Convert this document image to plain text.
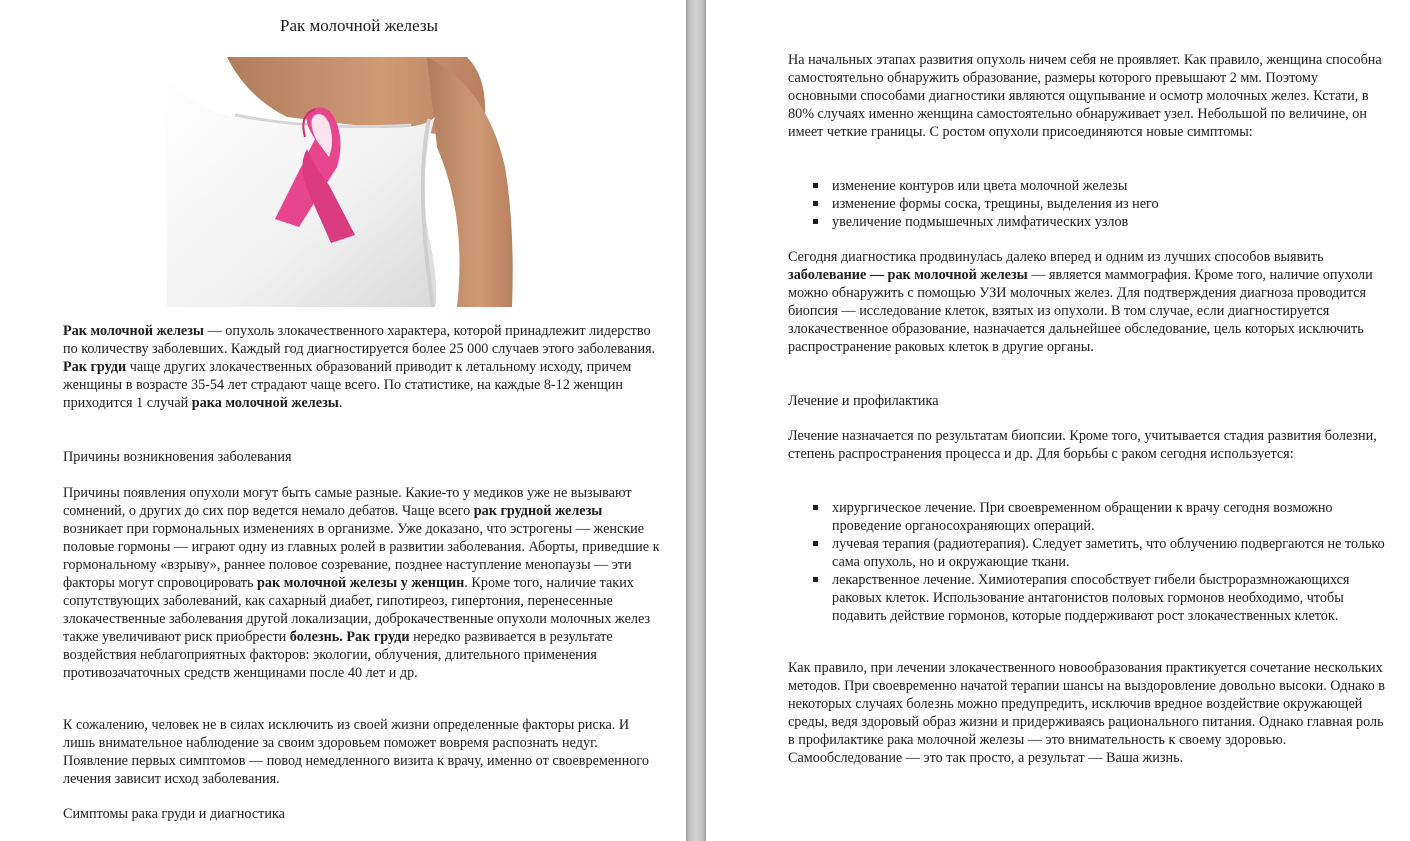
Рак молочной железы

Рак молочной железы — опухоль злокачественного характера, которой принадлежит лидерство по количеству заболевших. Каждый год диагностируется более 25 000 случаев этого заболевания. Рак груди чаще других злокачественных образований приводит к летальному исходу, причем женщины в возрасте 35-54 лет страдают чаще всего. По статистике, на каждые 8-12 женщин приходится 1 случай рака молочной железы.

Причины возникновения заболевания

Причины появления опухоли могут быть самые разные. Какие-то у медиков уже не вызывают сомнений, о других до сих пор ведется немало дебатов. Чаще всего рак грудной железы возникает при гормональных изменениях в организме. Уже доказано, что эстрогены — женские половые гормоны — играют одну из главных ролей в развитии заболевания. Аборты, приведшие к гормональному «взрыву», раннее половое созревание, позднее наступление менопаузы — эти факторы могут спровоцировать рак молочной железы у женщин. Кроме того, наличие таких сопутствующих заболеваний, как сахарный диабет, гипотиреоз, гипертония, перенесенные злокачественные заболевания другой локализации, доброкачественные опухоли молочных желез также увеличивают риск приобрести болезнь. Рак груди нередко развивается в результате воздействия неблагоприятных факторов: экологии, облучения, длительного применения противозачаточных средств женщинами после 40 лет и др.

К сожалению, человек не в силах исключить из своей жизни определенные факторы риска. И лишь внимательное наблюдение за своим здоровьем поможет вовремя распознать недуг. Появление первых симптомов — повод немедленного визита к врачу, именно от своевременного лечения зависит исход заболевания.
Симптомы рака груди и диагностика
На начальных этапах развития опухоль ничем себя не проявляет. Как правило, женщина способна самостоятельно обнаружить образование, размеры которого превышают 2 мм. Поэтому основными способами диагностики являются ощупывание и осмотр молочных желез. Кстати, в 80% случаях именно женщина самостоятельно обнаруживает узел. Небольшой по величине, он имеет четкие границы. С ростом опухоли присоединяются новые симптомы:
изменение контуров или цвета молочной железы
изменение формы соска, трещины, выделения из него
увеличение подмышечных лимфатических узлов

Сегодня диагностика продвинулась далеко вперед и одним из лучших способов выявить заболевание — рак молочной железы — является маммография. Кроме того, наличие опухоли можно обнаружить с помощью УЗИ молочных желез. Для подтверждения диагноза проводится биопсия — исследование клеток, взятых из опухоли. В том случае, если диагностируется злокачественное образование, назначается дальнейшее обследование, цель которых исключить распространение раковых клеток в другие органы.

Лечение и профилактика
Лечение назначается по результатам биопсии. Кроме того, учитывается стадия развития болезни, степень распространения процесса и др. Для борьбы с раком сегодня используется:
хирургическое лечение. При своевременном обращении к врачу сегодня возможно проведение органосохраняющих операций.
лучевая терапия (радиотерапия). Следует заметить, что облучению подвергаются не только сама опухоль, но и окружающие ткани.
лекарственное лечение. Химиотерапия способствует гибели быстроразмножающихся раковых клеток. Использование антагонистов половых гормонов необходимо, чтобы подавить действие гормонов, которые поддерживают рост злокачественных клеток.
Как правило, при лечении злокачественного новообразования практикуется сочетание нескольких методов. При своевременно начатой терапии шансы на выздоровление довольно высоки. Однако в некоторых случаях болезнь можно предупредить, исключив вредное воздействие окружающей среды, ведя здоровый образ жизни и придерживаясь рационального питания. Однако главная роль в профилактике рака молочной железы — это внимательность к своему здоровью. Самообследование — это так просто, а результат — Ваша жизнь.
